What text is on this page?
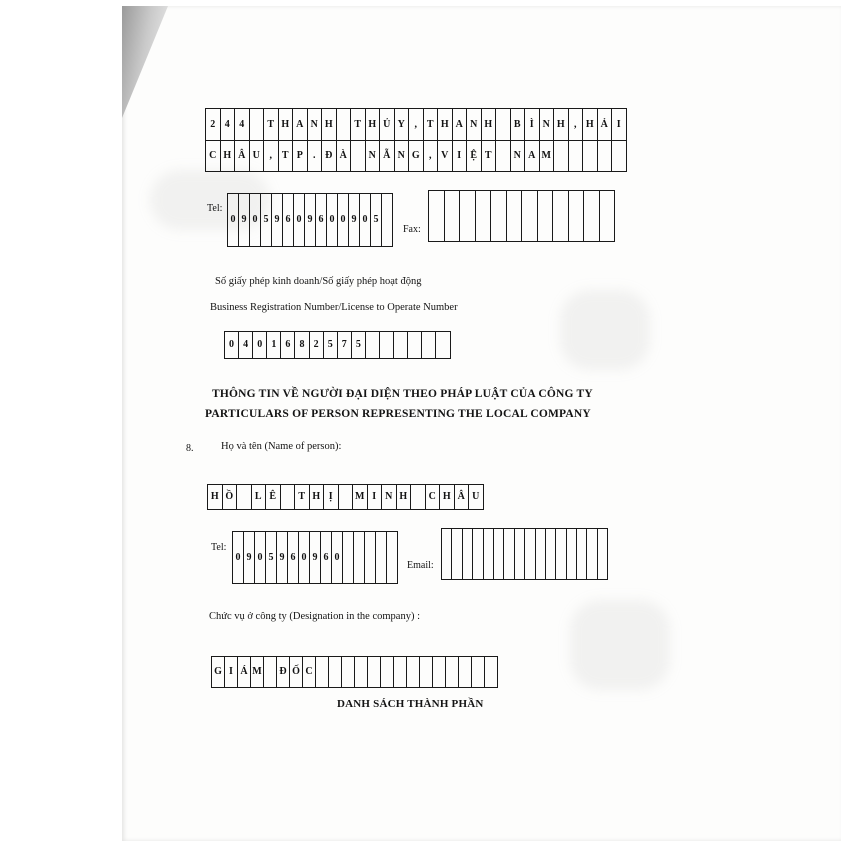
2 4 4	T H A N H	T H Ủ Y , T H A N H	B Ì N H , H Ả I
C H Â U , T P	. Đ À	N Ẵ N G , V I Ệ T	N A M
Tel:
0 9 0 5 9 6 0 9 6 0 0 9 0 5
Fax:
Số giấy phép kinh doanh/Số giấy phép hoạt động
Business Registration Number/License to Operate Number
0 4 0 1 6 8 2 5 7 5
THÔNG TIN VỀ NGƯỜI ĐẠI DIỆN THEO PHÁP LUẬT CỦA CÔNG TY
PARTICULARS OF PERSON REPRESENTING THE LOCAL COMPANY
8.	Họ và tên (Name of person):
H Ồ	L Ê	T H Ị	M I N H	C H Â U
Tel:
0 9 0 5 9 6 0 9 6 0
Email:
Chức vụ ở công ty (Designation in the company) :
G I Á M Đ Ố C
DANH SÁCH THÀNH PHẦN
